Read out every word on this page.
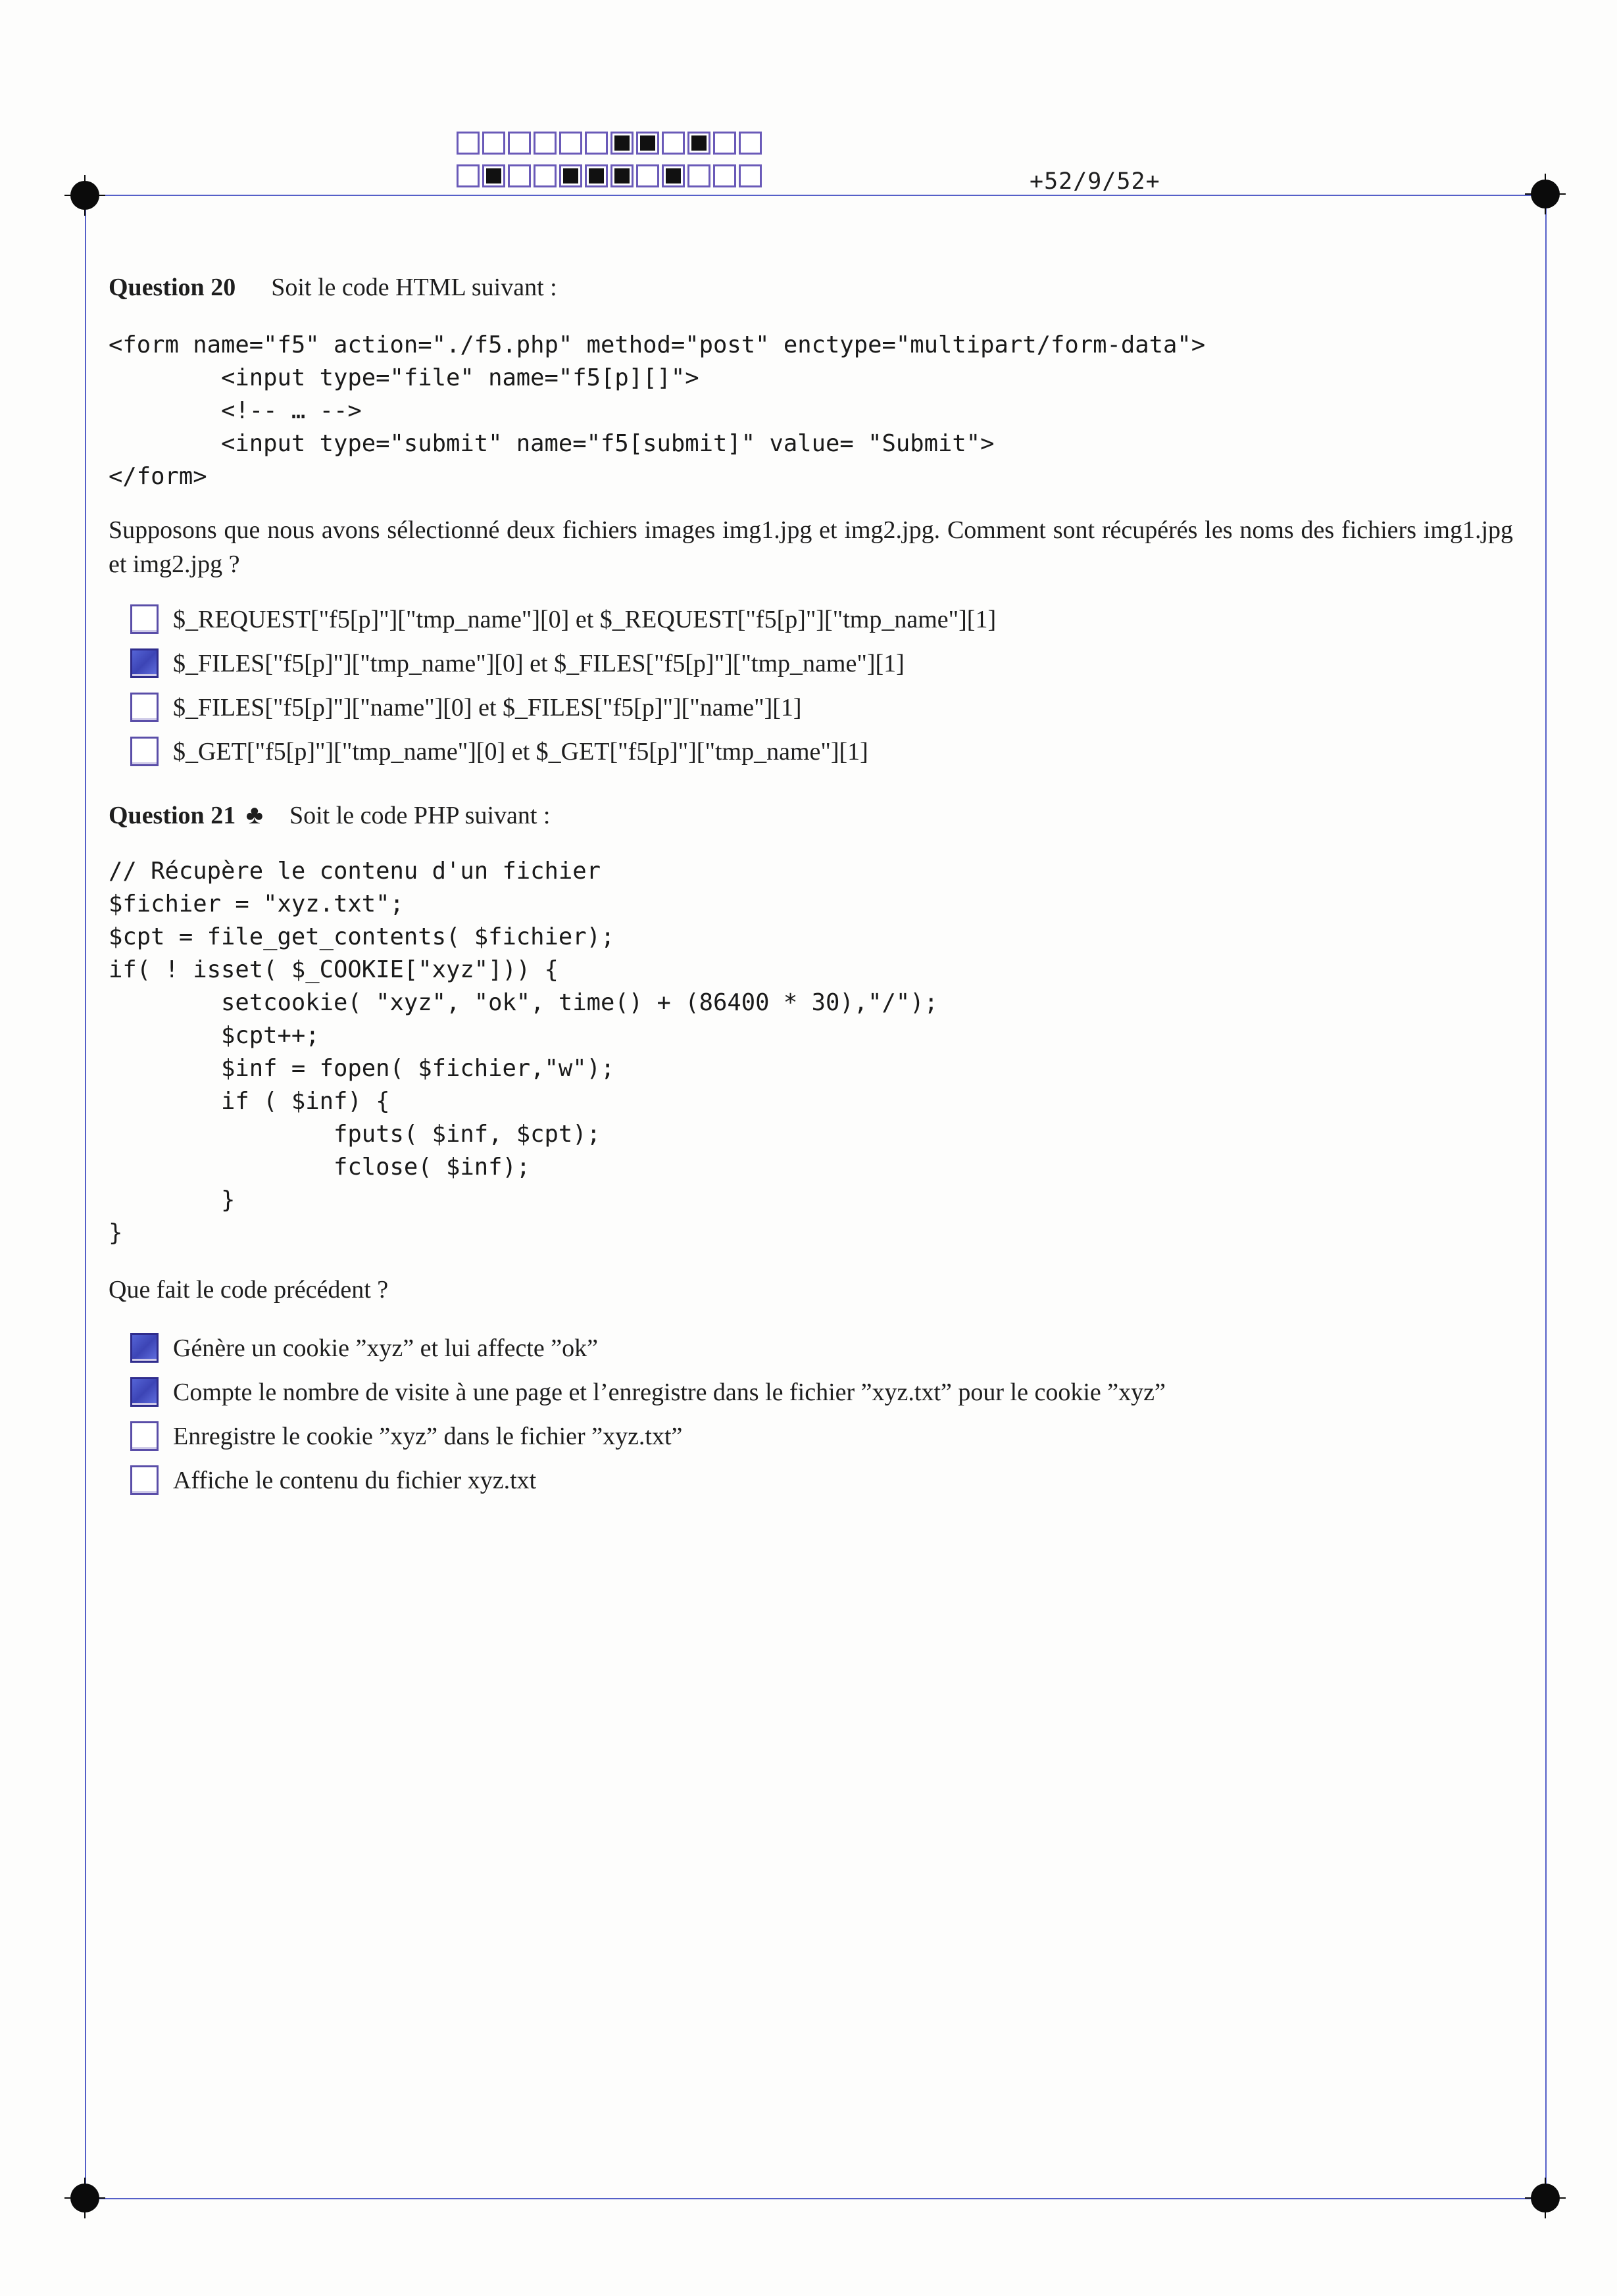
+52/9/52+
Question 20 Soit le code HTML suivant :
<form name="f5" action="./f5.php" method="post" enctype="multipart/form-data">
<input type="file" name="f5[p][]">
<!-- … -->
<input type="submit" name="f5[submit]" value= "Submit">
</form>
Supposons que nous avons sélectionné deux fichiers images img1.jpg et img2.jpg. Comment sont récupérés les noms des fichiers img1.jpg et img2.jpg ?
$_REQUEST["f5[p]"]["tmp_name"][0] et $_REQUEST["f5[p]"]["tmp_name"][1]
$_FILES["f5[p]"]["tmp_name"][0] et $_FILES["f5[p]"]["tmp_name"][1]
$_FILES["f5[p]"]["name"][0] et $_FILES["f5[p]"]["name"][1]
$_GET["f5[p]"]["tmp_name"][0] et $_GET["f5[p]"]["tmp_name"][1]
Question 21 ♣ Soit le code PHP suivant :
// Récupère le contenu d'un fichier
$fichier = "xyz.txt";
$cpt = file_get_contents( $fichier);
if( ! isset( $_COOKIE["xyz"])) {
setcookie( "xyz", "ok", time() + (86400 * 30),"/");
$cpt++;
$inf = fopen( $fichier,"w");
if ( $inf) {
fputs( $inf, $cpt);
fclose( $inf);
}
}
Que fait le code précédent ?
Génère un cookie ”xyz” et lui affecte ”ok”
Compte le nombre de visite à une page et l’enregistre dans le fichier ”xyz.txt” pour le cookie ”xyz”
Enregistre le cookie ”xyz” dans le fichier ”xyz.txt”
Affiche le contenu du fichier xyz.txt
